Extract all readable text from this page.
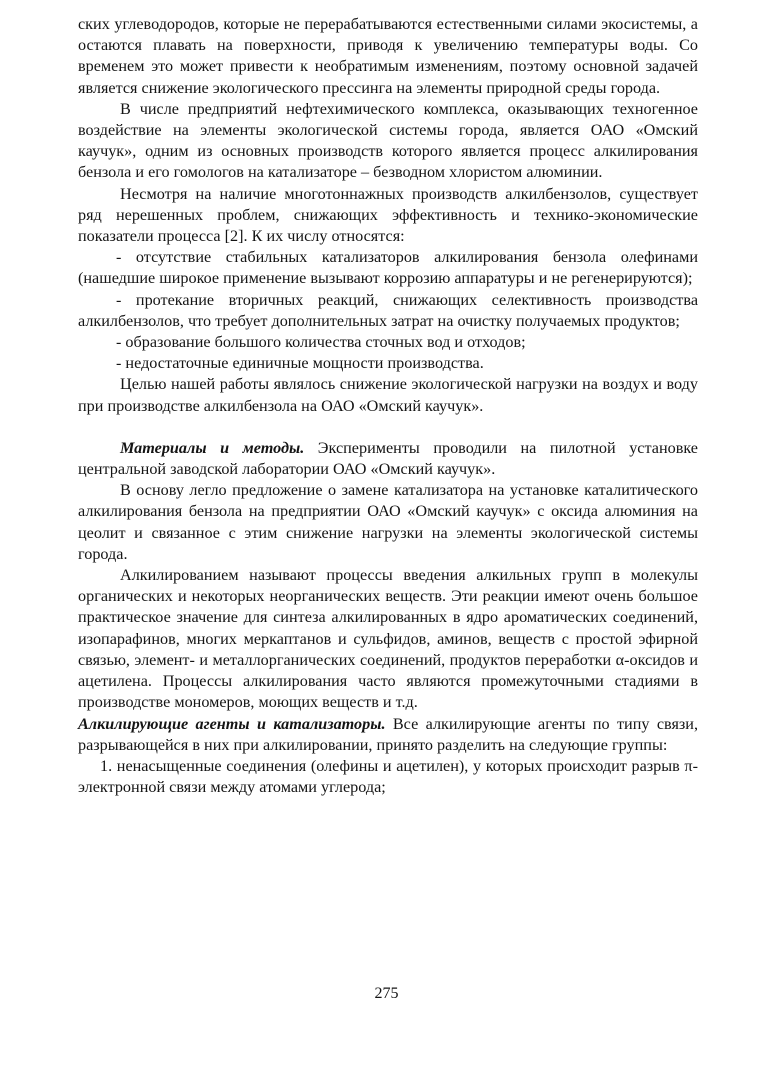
ских углеводородов, которые не перерабатываются естественными силами экосистемы, а остаются плавать на поверхности, приводя к увеличению температуры воды. Со временем это может привести к необратимым изменениям, поэтому основной задачей является снижение экологического прессинга на элементы природной среды города.

В числе предприятий нефтехимического комплекса, оказывающих техногенное воздействие на элементы экологической системы города, является ОАО «Омский каучук», одним из основных производств которого является процесс алкилирования бензола и его гомологов на катализаторе – безводном хлористом алюминии.

Несмотря на наличие многотоннажных производств алкилбензолов, существует ряд нерешенных проблем, снижающих эффективность и технико-экономические показатели процесса [2]. К их числу относятся:

- отсутствие стабильных катализаторов алкилирования бензола олефинами (нашедшие широкое применение вызывают коррозию аппаратуры и не регенерируются);

- протекание вторичных реакций, снижающих селективность производства алкилбензолов, что требует дополнительных затрат на очистку получаемых продуктов;

- образование большого количества сточных вод и отходов;

- недостаточные единичные мощности производства.

Целью нашей работы являлось снижение экологической нагрузки на воздух и воду при производстве алкилбензола на ОАО «Омский каучук».

Материалы и методы. Эксперименты проводили на пилотной установке центральной заводской лаборатории ОАО «Омский каучук».

В основу легло предложение о замене катализатора на установке каталитического алкилирования бензола на предприятии ОАО «Омский каучук» с оксида алюминия на цеолит и связанное с этим снижение нагрузки на элементы экологической системы города.

Алкилированием называют процессы введения алкильных групп в молекулы органических и некоторых неорганических веществ. Эти реакции имеют очень большое практическое значение для синтеза алкилированных в ядро ароматических соединений, изопарафинов, многих меркаптанов и сульфидов, аминов, веществ с простой эфирной связью, элемент- и металлорганических соединений, продуктов переработки α-оксидов и ацетилена. Процессы алкилирования часто являются промежуточными стадиями в производстве мономеров, моющих веществ и т.д.

Алкилирующие агенты и катализаторы. Все алкилирующие агенты по типу связи, разрывающейся в них при алкилировании, принято разделить на следующие группы:

1. ненасыщенные соединения (олефины и ацетилен), у которых происходит разрыв π-электронной связи между атомами углерода;

275
